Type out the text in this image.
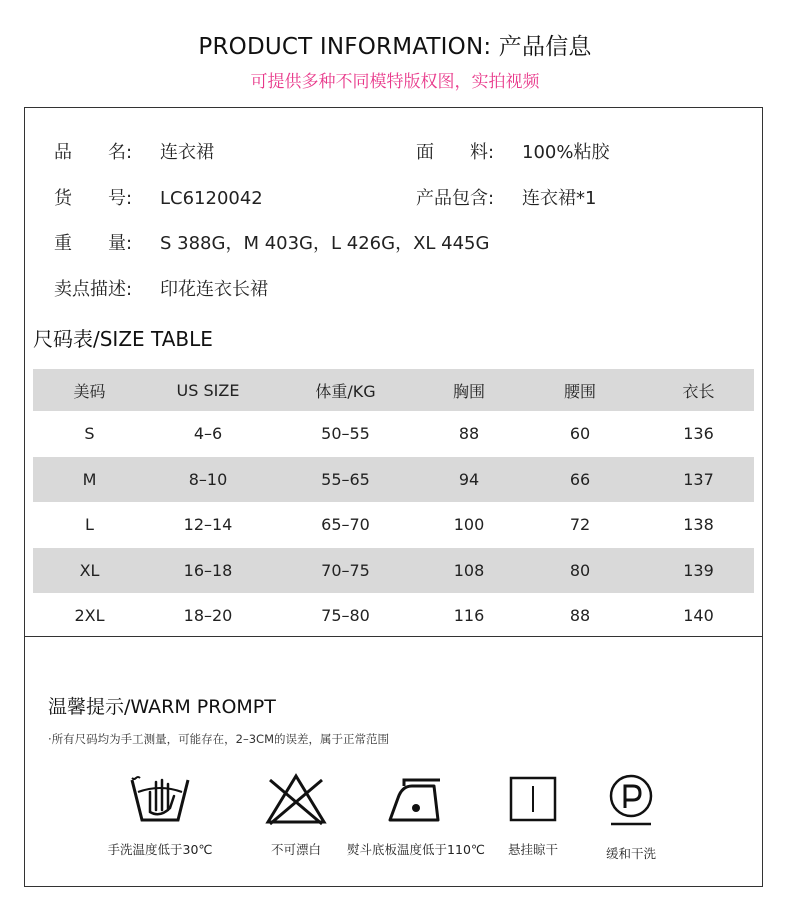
PRODUCT INFORMATION: 产品信息
可提供多种不同模特版权图，实拍视频
品　　名: 连衣裙	面　　料: 100%粘胶
货　　号: LC6120042	产品包含: 连衣裙*1
重　　量: S 388G，M 403G，L 426G，XL 445G
卖点描述: 印花连衣长裙
尺码表/SIZE TABLE
美码	US SIZE	体重/KG	胸围	腰围	衣长
S	4–6	50–55	88	60	136
M	8–10	55–65	94	66	137
L	12–14	65–70	100	72	138
XL	16–18	70–75	108	80	139
2XL	18–20	75–80	116	88	140
温馨提示/WARM PROMPT
·所有尺码均为手工测量，可能存在，2–3CM的误差，属于正常范围
手洗温度低于30℃	不可漂白	熨斗底板温度低于110℃	悬挂晾干	缓和干洗
